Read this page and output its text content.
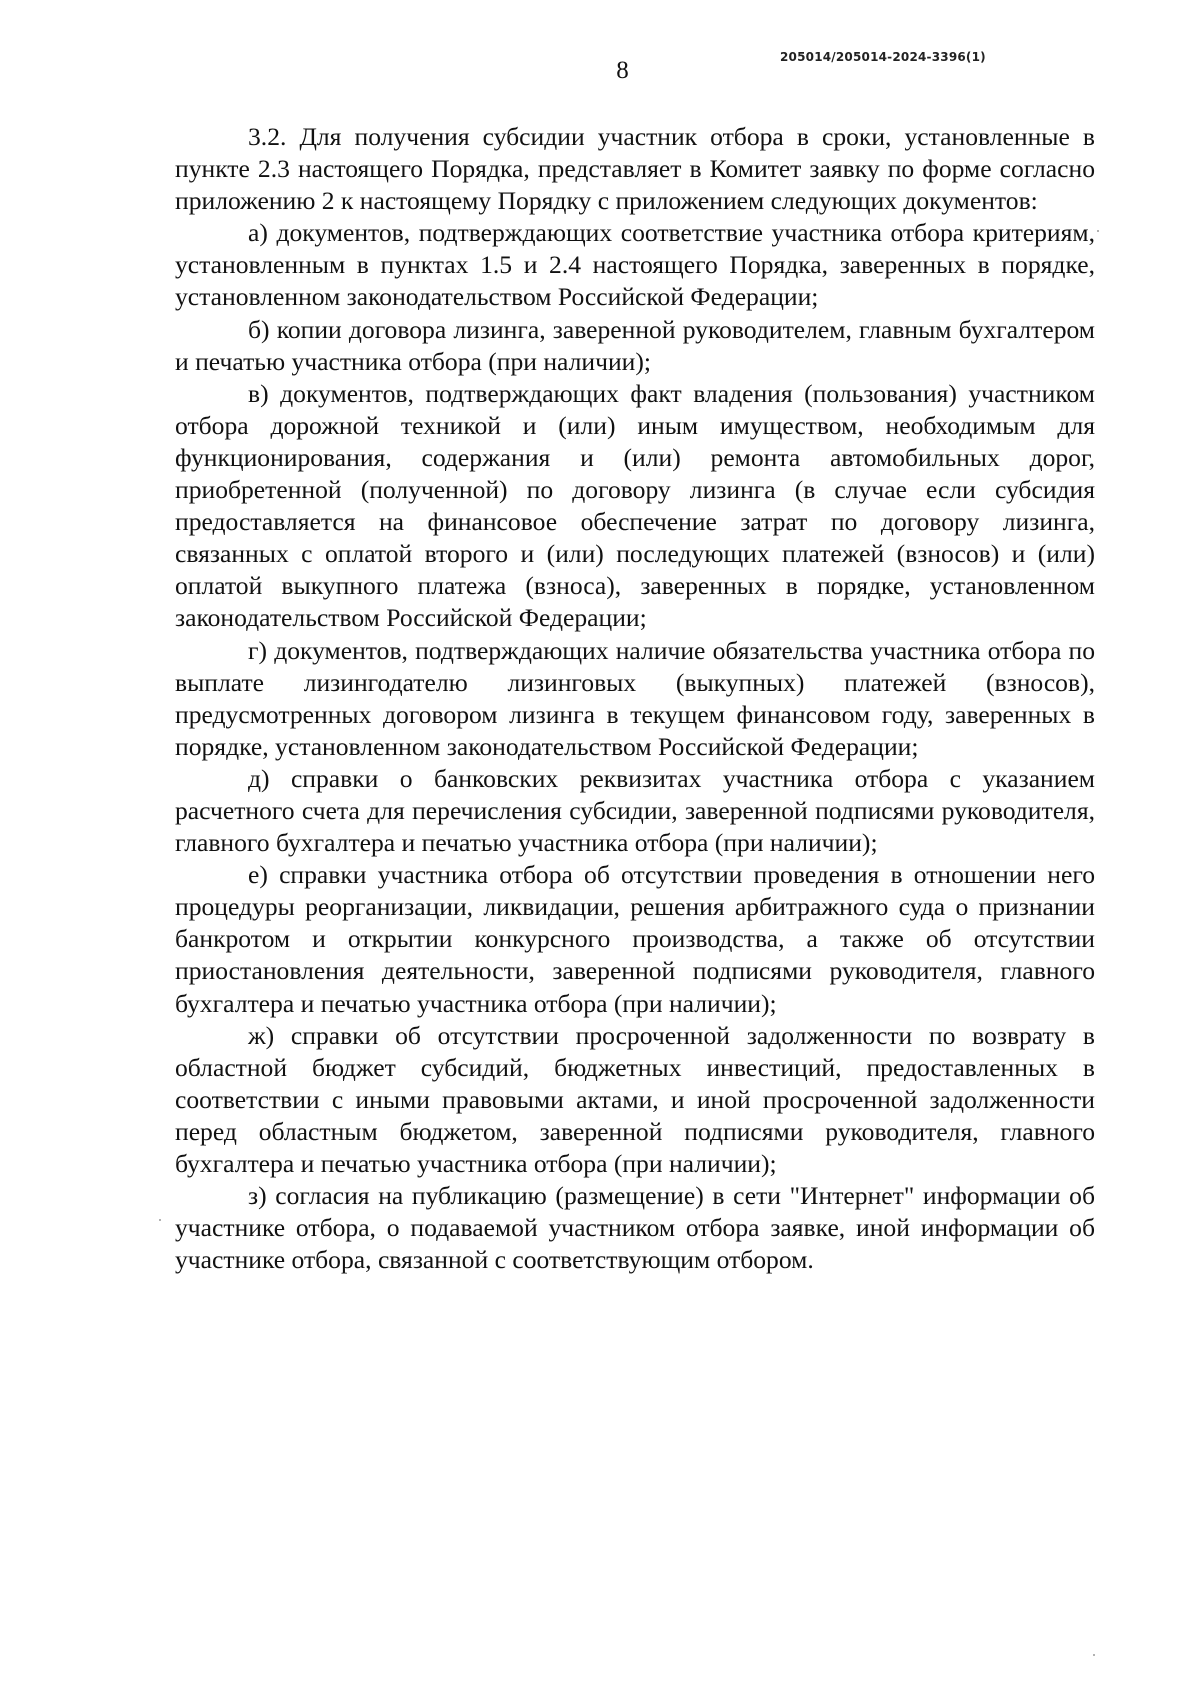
205014/205014-2024-3396(1)
8

3.2. Для получения субсидии участник отбора в сроки, установленные в пункте 2.3 настоящего Порядка, представляет в Комитет заявку по форме согласно приложению 2 к настоящему Порядку с приложением следующих документов:

а) документов, подтверждающих соответствие участника отбора критериям, установленным в пунктах 1.5 и 2.4 настоящего Порядка, заверенных в порядке, установленном законодательством Российской Федерации;

б) копии договора лизинга, заверенной руководителем, главным бухгалтером и печатью участника отбора (при наличии);

в) документов, подтверждающих факт владения (пользования) участником отбора дорожной техникой и (или) иным имуществом, необходимым для функционирования, содержания и (или) ремонта автомобильных дорог, приобретенной (полученной) по договору лизинга (в случае если субсидия предоставляется на финансовое обеспечение затрат по договору лизинга, связанных с оплатой второго и (или) последующих платежей (взносов) и (или) оплатой выкупного платежа (взноса), заверенных в порядке, установленном законодательством Российской Федерации;

г) документов, подтверждающих наличие обязательства участника отбора по выплате лизингодателю лизинговых (выкупных) платежей (взносов), предусмотренных договором лизинга в текущем финансовом году, заверенных в порядке, установленном законодательством Российской Федерации;

д) справки о банковских реквизитах участника отбора с указанием расчетного счета для перечисления субсидии, заверенной подписями руководителя, главного бухгалтера и печатью участника отбора (при наличии);

е) справки участника отбора об отсутствии проведения в отношении него процедуры реорганизации, ликвидации, решения арбитражного суда о признании банкротом и открытии конкурсного производства, а также об отсутствии приостановления деятельности, заверенной подписями руководителя, главного бухгалтера и печатью участника отбора (при наличии);

ж) справки об отсутствии просроченной задолженности по возврату в областной бюджет субсидий, бюджетных инвестиций, предоставленных в соответствии с иными правовыми актами, и иной просроченной задолженности перед областным бюджетом, заверенной подписями руководителя, главного бухгалтера и печатью участника отбора (при наличии);

з) согласия на публикацию (размещение) в сети "Интернет" информации об участнике отбора, о подаваемой участником отбора заявке, иной информации об участнике отбора, связанной с соответствующим отбором.
